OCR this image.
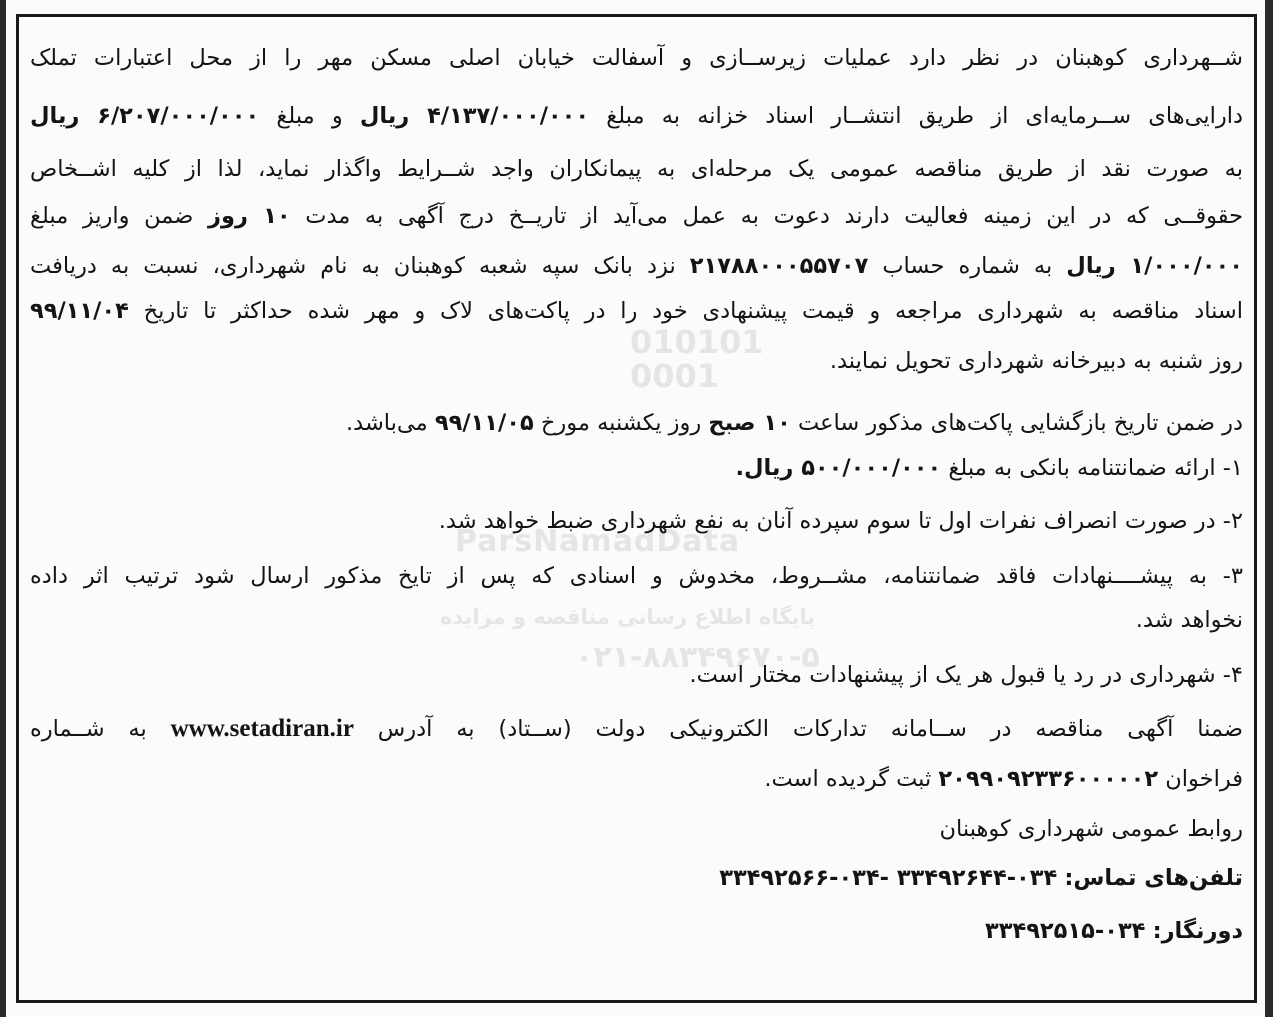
010101
0001
ParsNamadData
پایگاه اطلاع رسانی مناقصه و مزایده
۰۲۱-۸۸۳۴۹۶۷۰-۵
شــهرداری کوهبنان در نظر دارد عملیات زیرســازی و آسفالت خیابان اصلی مسکن مهر را از محل اعتبارات تملک
دارایی‌های ســرمایه‌ای از طریق انتشــار اسناد خزانه به مبلغ ۴/۱۳۷/۰۰۰/۰۰۰ ریال و مبلغ ۶/۲۰۷/۰۰۰/۰۰۰ ریال
به صورت نقد از طریق مناقصه عمومی یک مرحله‌ای به پیمانکاران واجد شــرایط واگذار نماید، لذا از کلیه اشــخاص
حقوقــی که در این زمینه فعالیت دارند دعوت به عمل می‌آید از تاریــخ درج آگهی به مدت ۱۰ روز ضمن واریز مبلغ
۱/۰۰۰/۰۰۰ ریال به شماره حساب ۲۱۷۸۸۰۰۰۵۵۷۰۷ نزد بانک سپه شعبه کوهبنان به نام شهرداری، نسبت به دریافت
اسناد مناقصه به شهرداری مراجعه و قیمت پیشنهادی خود را در پاکت‌های لاک و مهر شده حداکثر تا تاریخ ۹۹/۱۱/۰۴
روز شنبه به دبیرخانه شهرداری تحویل نمایند.
در ضمن تاریخ بازگشایی پاکت‌های مذکور ساعت ۱۰ صبح روز یکشنبه مورخ ۹۹/۱۱/۰۵ می‌باشد.
۱- ارائه ضمانتنامه بانکی به مبلغ ۵۰۰/۰۰۰/۰۰۰ ریال.
۲- در صورت انصراف نفرات اول تا سوم سپرده آنان به نفع شهرداری ضبط خواهد شد.
۳- به پیشــــنهادات فاقد ضمانتنامه، مشــروط، مخدوش و اسنادی که پس از تایخ مذکور ارسال شود ترتیب اثر داده
نخواهد شد.
۴- شهرداری در رد یا قبول هر یک از پیشنهادات مختار است.
ضمنا آگهی مناقصه در ســامانه تدارکات الکترونیکی دولت (ســتاد) به آدرس www.setadiran.ir به شــماره
فراخوان ۲۰۹۹۰۹۲۳۳۶۰۰۰۰۰۲ ثبت گردیده است.
روابط عمومی شهرداری کوهبنان
تلفن‌های تماس: ۰۳۴-۳۳۴۹۲۶۴۴ -۰۳۴-۳۳۴۹۲۵۶۶
دورنگار: ۰۳۴-۳۳۴۹۲۵۱۵
